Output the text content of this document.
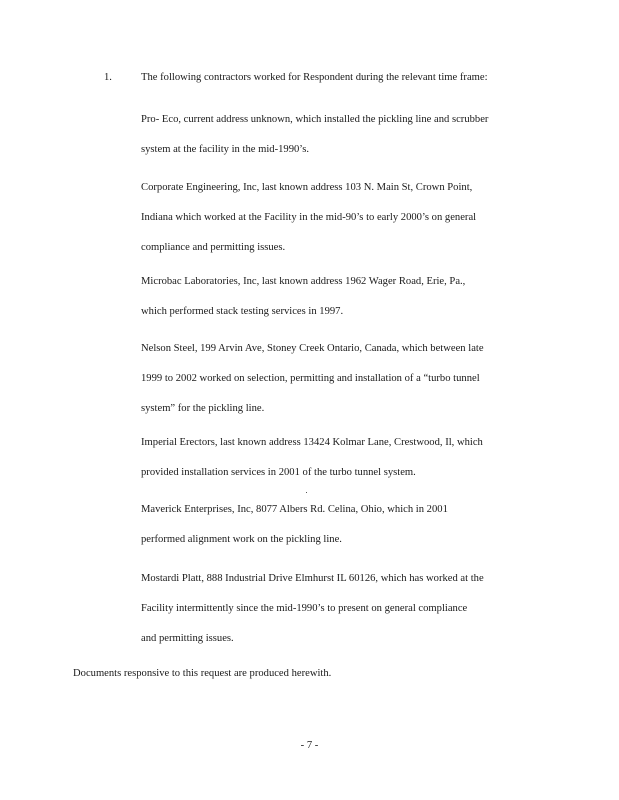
1.	The following contractors worked for Respondent during the relevant time frame:
Pro- Eco, current address unknown, which installed the pickling line and scrubber
system at the facility in the mid-1990’s.
Corporate Engineering, Inc, last known address 103 N. Main St, Crown Point,
Indiana which worked at the Facility in the mid-90’s to early 2000’s on general
compliance and permitting issues.
Microbac Laboratories, Inc, last known address 1962 Wager Road, Erie, Pa.,
which performed stack testing services in 1997.
Nelson Steel, 199 Arvin Ave, Stoney Creek Ontario, Canada, which between late
1999 to 2002 worked on selection, permitting and installation of a “turbo tunnel
system” for the pickling line.
Imperial Erectors, last known address 13424 Kolmar Lane, Crestwood, Il, which
provided installation services in 2001 of the turbo tunnel system.
Maverick Enterprises, Inc, 8077 Albers Rd. Celina, Ohio, which in 2001
performed alignment work on the pickling line.
Mostardi Platt, 888 Industrial Drive Elmhurst IL 60126, which has worked at the
Facility intermittently since the mid-1990’s to present on general compliance
and permitting issues.
Documents responsive to this request are produced herewith.
- 7 -
